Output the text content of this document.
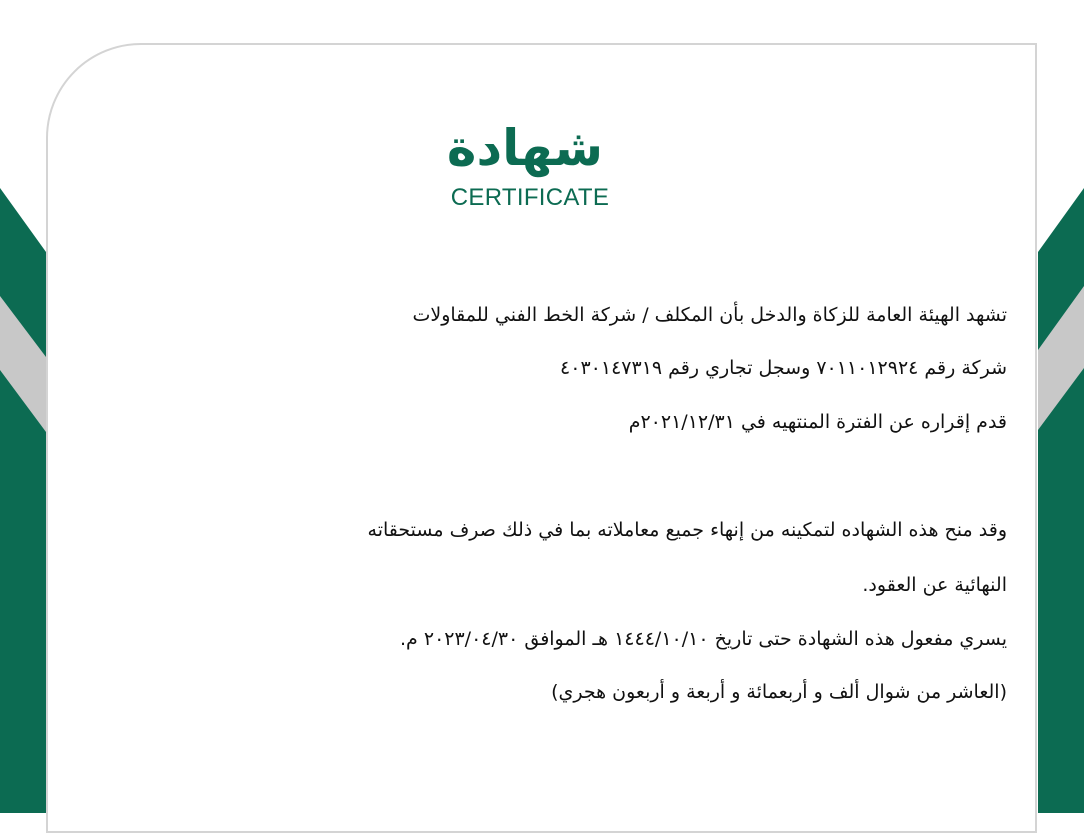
شهادة
CERTIFICATE
تشهد الهيئة العامة للزكاة والدخل بأن المكلف / شركة الخط الفني للمقاولات
شركة رقم ٧٠١١٠١٢٩٢٤ وسجل تجاري رقم ٤٠٣٠١٤٧٣١٩
قدم إقراره عن الفترة المنتهيه في ٢٠٢١/١٢/٣١م
وقد منح هذه الشهاده لتمكينه من إنهاء جميع معاملاته بما في ذلك صرف مستحقاته
النهائية عن العقود.
يسري مفعول هذه الشهادة حتى تاريخ ١٤٤٤/١٠/١٠ هـ الموافق ٢٠٢٣/٠٤/٣٠ م.
(العاشر من شوال ألف و أربعمائة و أربعة و أربعون هجري)
